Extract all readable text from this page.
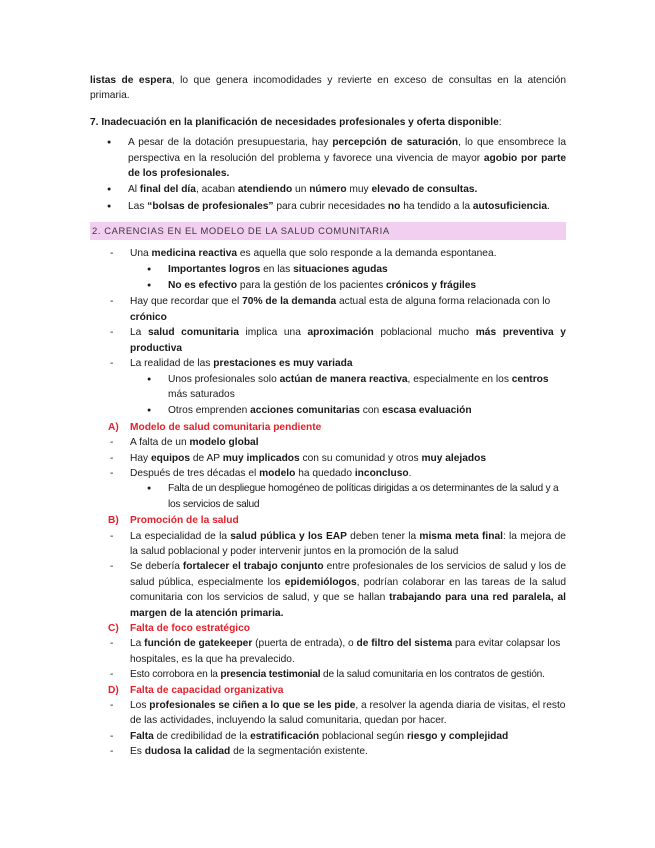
listas de espera, lo que genera incomodidades y revierte en exceso de consultas en la atención primaria.

7. Inadecuación en la planificación de necesidades profesionales y oferta disponible:

● A pesar de la dotación presupuestaria, hay percepción de saturación, lo que ensombrece la perspectiva en la resolución del problema y favorece una vivencia de mayor agobio por parte de los profesionales.
● Al final del día, acaban atendiendo un número muy elevado de consultas.
● Las “bolsas de profesionales” para cubrir necesidades no ha tendido a la autosuficiencia.
2. CARENCIAS EN EL MODELO DE LA SALUD COMUNITARIA
- Una medicina reactiva es aquella que solo responde a la demanda espontanea.
● Importantes logros en las situaciones agudas
● No es efectivo para la gestión de los pacientes crónicos y frágiles
- Hay que recordar que el 70% de la demanda actual esta de alguna forma relacionada con lo crónico
- La salud comunitaria implica una aproximación poblacional mucho más preventiva y productiva
- La realidad de las prestaciones es muy variada
● Unos profesionales solo actúan de manera reactiva, especialmente en los centros más saturados
● Otros emprenden acciones comunitarias con escasa evaluación
A) Modelo de salud comunitaria pendiente
- A falta de un modelo global
- Hay equipos de AP muy implicados con su comunidad y otros muy alejados
- Después de tres décadas el modelo ha quedado inconcluso.
● Falta de un despliegue homogéneo de políticas dirigidas a os determinantes de la salud y a los servicios de salud
B) Promoción de la salud
- La especialidad de la salud pública y los EAP deben tener la misma meta final: la mejora de la salud poblacional y poder intervenir juntos en la promoción de la salud
- Se debería fortalecer el trabajo conjunto entre profesionales de los servicios de salud y los de salud pública, especialmente los epidemiólogos, podrían colaborar en las tareas de la salud comunitaria con los servicios de salud, y que se hallan trabajando para una red paralela, al margen de la atención primaria.
C) Falta de foco estratégico
- La función de gatekeeper (puerta de entrada), o de filtro del sistema para evitar colapsar los hospitales, es la que ha prevalecido.
- Esto corrobora en la presencia testimonial de la salud comunitaria en los contratos de gestión.
D) Falta de capacidad organizativa
- Los profesionales se ciñen a lo que se les pide, a resolver la agenda diaria de visitas, el resto de las actividades, incluyendo la salud comunitaria, quedan por hacer.
- Falta de credibilidad de la estratificación poblacional según riesgo y complejidad
- Es dudosa la calidad de la segmentación existente.
